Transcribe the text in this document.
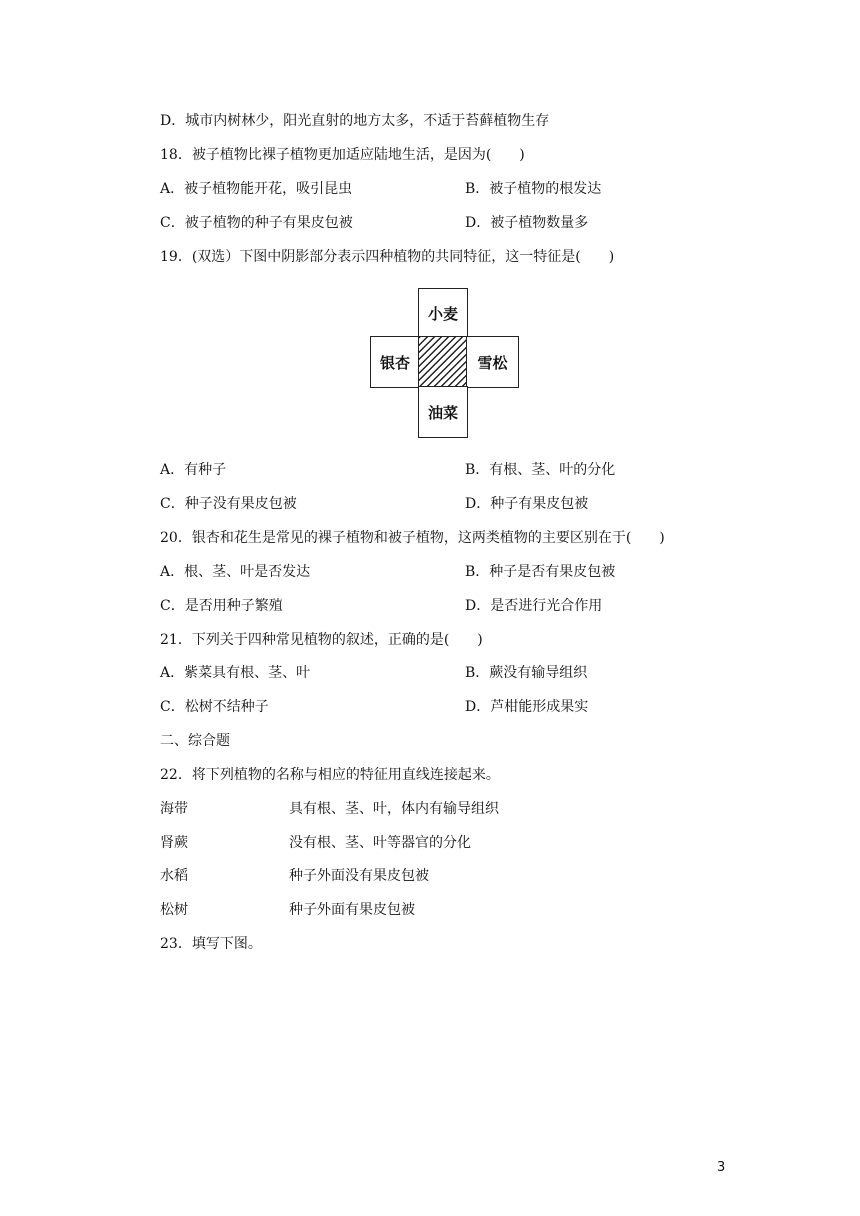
D．城市内树林少，阳光直射的地方太多，不适于苔藓植物生存
18．被子植物比裸子植物更加适应陆地生活，是因为(　　)
A．被子植物能开花，吸引昆虫	B．被子植物的根发达
C．被子植物的种子有果皮包被	D．被子植物数量多
19．(双选）下图中阴影部分表示四种植物的共同特征，这一特征是(　　)
小麦
银杏	雪松
油菜
A．有种子	B．有根、茎、叶的分化
C．种子没有果皮包被	D．种子有果皮包被
20．银杏和花生是常见的裸子植物和被子植物，这两类植物的主要区别在于(　　)
A．根、茎、叶是否发达	B．种子是否有果皮包被
C．是否用种子繁殖	D．是否进行光合作用
21．下列关于四种常见植物的叙述，正确的是(　　)
A．紫菜具有根、茎、叶	B．蕨没有输导组织
C．松树不结种子	D．芦柑能形成果实
二、综合题
22．将下列植物的名称与相应的特征用直线连接起来。
海带	具有根、茎、叶，体内有输导组织
肾蕨	没有根、茎、叶等器官的分化
水稻	种子外面没有果皮包被
松树	种子外面有果皮包被
23．填写下图。
3
